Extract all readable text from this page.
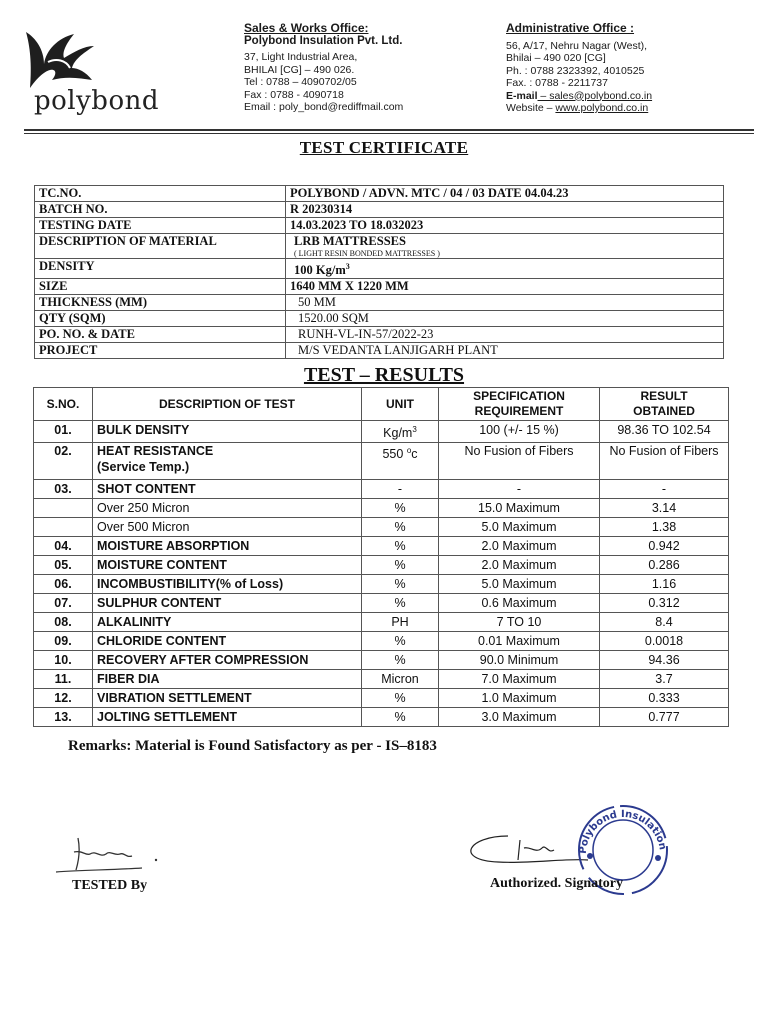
polybond
Sales & Works Office:
Polybond Insulation Pvt. Ltd.
37, Light Industrial Area,
BHILAI [CG] – 490 026.
Tel : 0788 – 4090702/05
Fax : 0788 - 4090718
Email : poly_bond@rediffmail.com
Administrative Office :
56, A/17, Nehru Nagar (West),
Bhilai – 490 020 [CG]
Ph. : 0788 2323392, 4010525
Fax. : 0788 - 2211737
E-mail – sales@polybond.co.in
Website – www.polybond.co.in
TEST CERTIFICATE
TC.NO.	POLYBOND / ADVN. MTC / 04 / 03 DATE 04.04.23
BATCH NO.	R 20230314
TESTING DATE	14.03.2023 TO 18.032023
DESCRIPTION OF MATERIAL	LRB MATTRESSES
( LIGHT RESIN BONDED MATTRESSES )

DENSITY	100 $Kg/m^3$
SIZE	1640 MM X 1220 MM
THICKNESS (MM)	50 MM
QTY (SQM)	1520.00 SQM
PO. NO. & DATE	RUNH-VL-IN-57/2022-23
PROJECT	M/S VEDANTA LANJIGARH PLANT
TEST – RESULTS
S.NO.	DESCRIPTION OF TEST	UNIT	SPECIFICATION REQUIREMENT	RESULT OBTAINED

01.	BULK DENSITY	$Kg/m^3$	100 (+/- 15 %)	98.36 TO 102.54
02.	HEAT RESISTANCE
(Service Temp.)	550 $^o$c	No Fusion of Fibers	No Fusion of Fibers
03.	SHOT CONTENT	-	-	-

	Over 250 Micron	%	15.0 Maximum	3.14

	Over 500 Micron	%	5.0 Maximum	1.38
04.	MOISTURE ABSORPTION	%	2.0 Maximum	0.942
05.	MOISTURE CONTENT	%	2.0 Maximum	0.286
06.	INCOMBUSTIBILITY(% of Loss)	%	5.0 Maximum	1.16
07.	SULPHUR CONTENT	%	0.6 Maximum	0.312
08.	ALKALINITY	PH	7 TO 10	8.4
09.	CHLORIDE CONTENT	%	0.01 Maximum	0.0018
10.	RECOVERY AFTER COMPRESSION	%	90.0 Minimum	94.36
11.	FIBER DIA	Micron	7.0 Maximum	3.7
12.	VIBRATION SETTLEMENT	%	1.0 Maximum	0.333
13.	JOLTING SETTLEMENT	%	3.0 Maximum	0.777
Remarks: Material is Found Satisfactory as per - IS–8183
TESTED By
Polybond Insulation
Authorized. Signatory
